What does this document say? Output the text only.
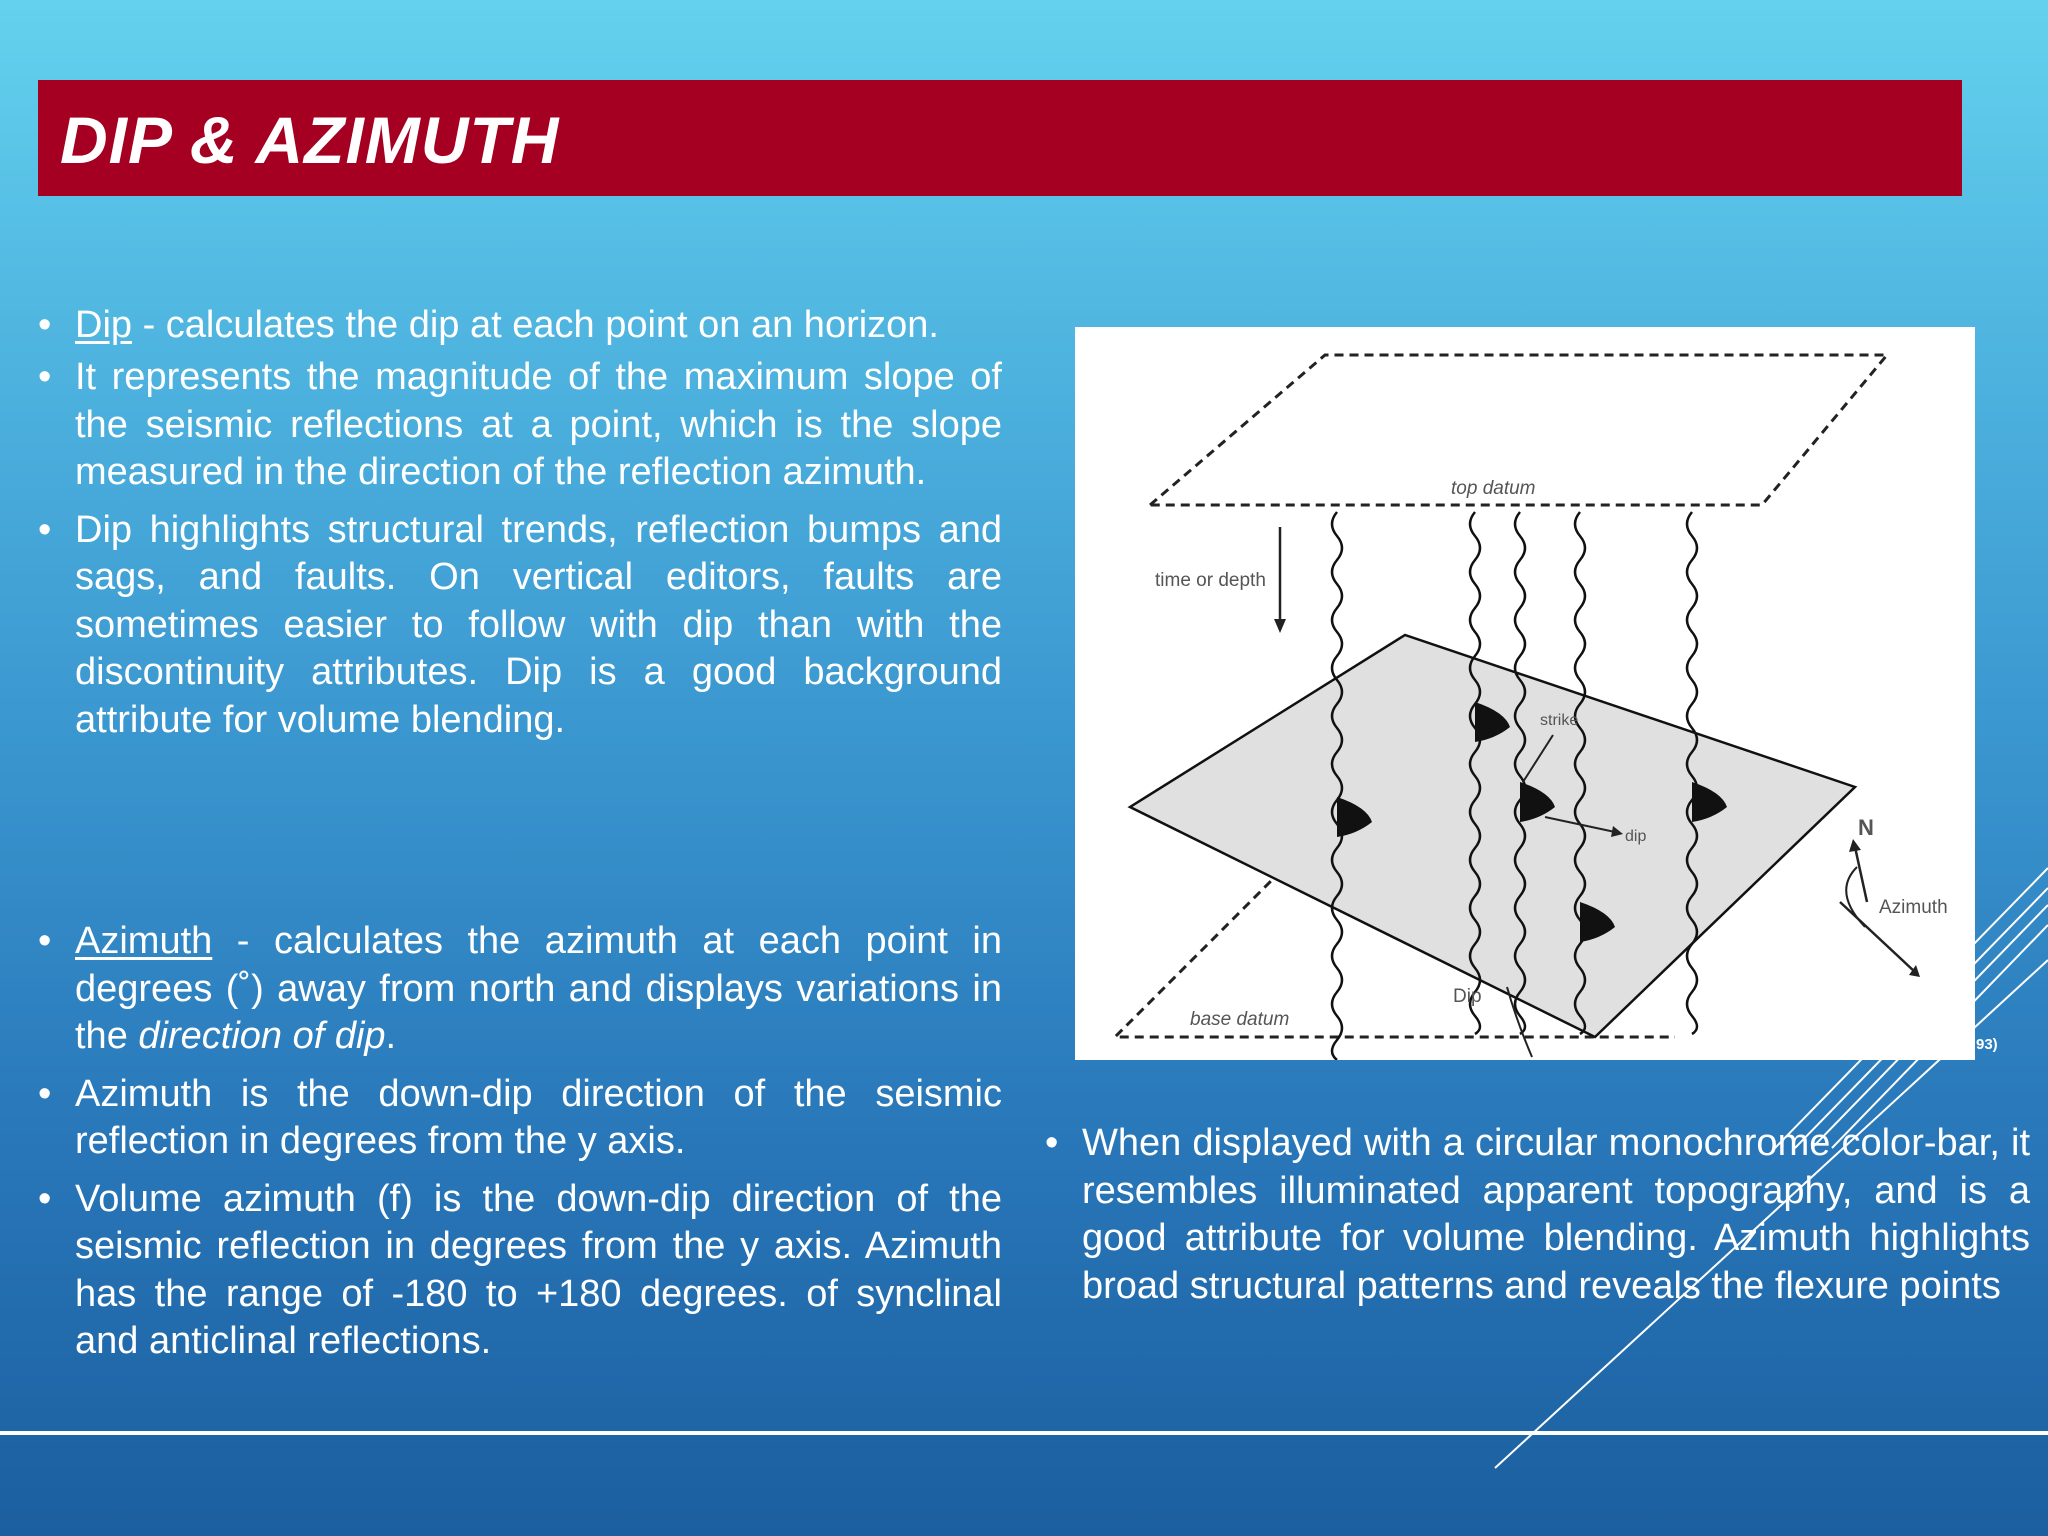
DIP & AZIMUTH
• Dip - calculates the dip at each point on an horizon.
• It represents the magnitude of the maximum slope of the seismic reflections at a point, which is the slope measured in the direction of the reflection azimuth.
• Dip highlights structural trends, reflection bumps and sags, and faults. On vertical editors, faults are sometimes easier to follow with dip than with the discontinuity attributes. Dip is a good background attribute for volume blending.
• Azimuth - calculates the azimuth at each point in degrees (˚) away from north and displays variations in the direction of dip.
• Azimuth is the down-dip direction of the seismic reflection in degrees from the y axis.
• Volume azimuth (f) is the down-dip direction of the seismic reflection in degrees from the y axis. Azimuth has the range of -180 to +180 degrees. of synclinal and anticlinal reflections.
• When displayed with a circular monochrome color-bar, it resembles illuminated apparent topography, and is a good attribute for volume blending. Azimuth highlights broad structural patterns and reveals the flexure points
top datum
time or depth
strike
dip	N
Azimuth
Dip
base datum

93)
